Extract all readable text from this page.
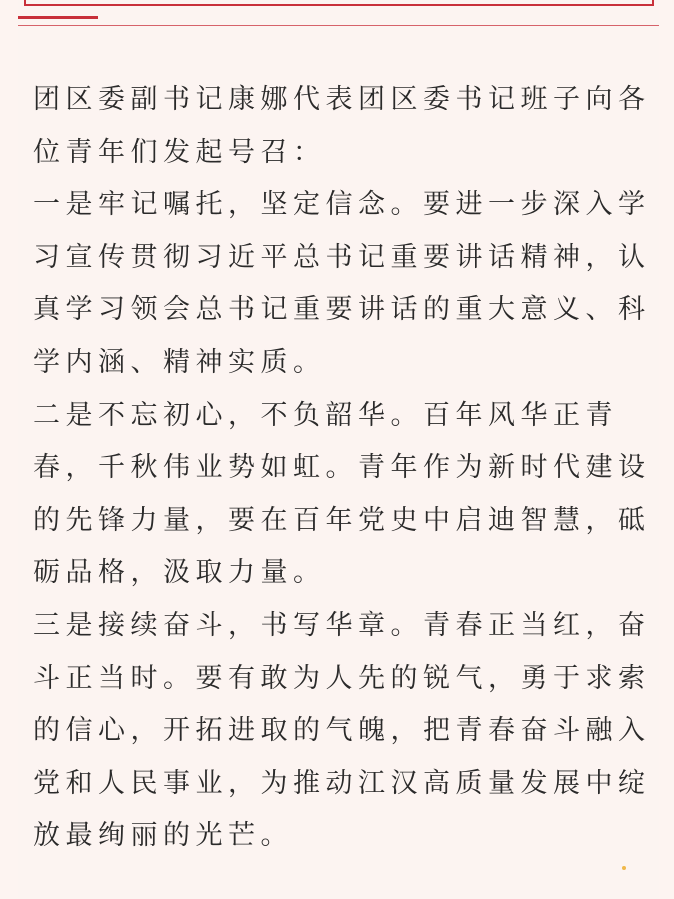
团区委副书记康娜代表团区委书记班子向各
位青年们发起号召：
一是牢记嘱托，坚定信念。要进一步深入学
习宣传贯彻习近平总书记重要讲话精神，认
真学习领会总书记重要讲话的重大意义、科
学内涵、精神实质。
二是不忘初心，不负韶华。百年风华正青
春，千秋伟业势如虹。青年作为新时代建设
的先锋力量，要在百年党史中启迪智慧，砥
砺品格，汲取力量。
三是接续奋斗，书写华章。青春正当红，奋
斗正当时。要有敢为人先的锐气，勇于求索
的信心，开拓进取的气魄，把青春奋斗融入
党和人民事业，为推动江汉高质量发展中绽
放最绚丽的光芒。
